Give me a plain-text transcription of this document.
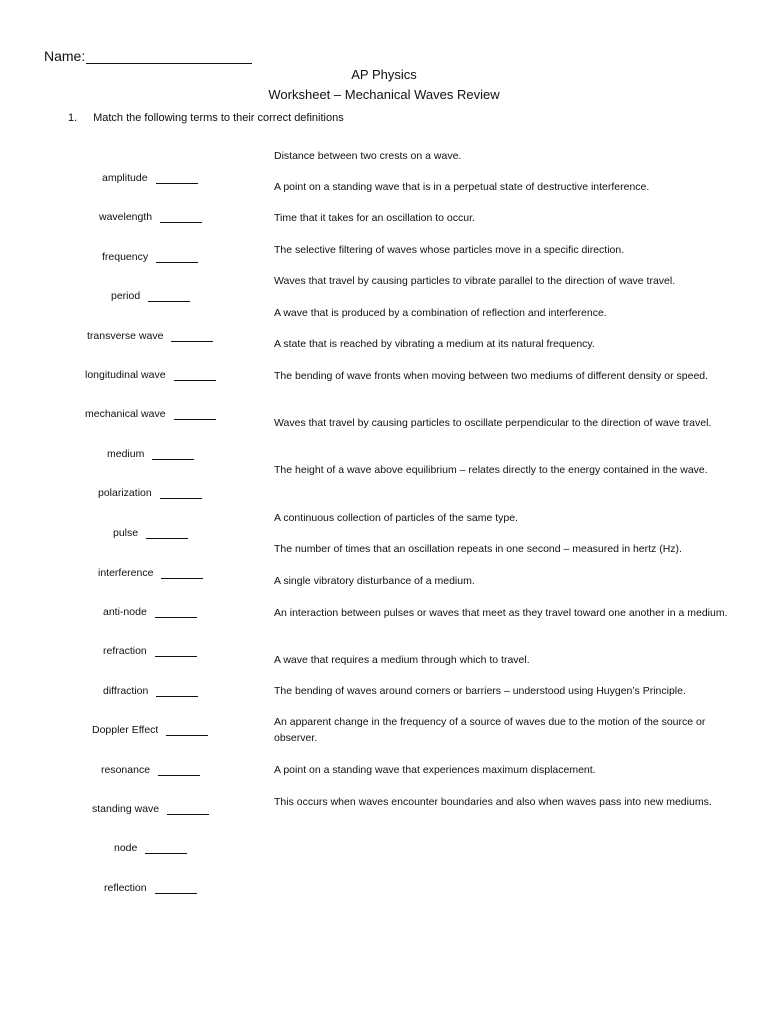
Name:
AP Physics
Worksheet – Mechanical Waves Review
1. Match the following terms to their correct definitions
amplitude
wavelength
frequency
period
transverse wave
longitudinal wave
mechanical wave
medium
polarization
pulse
interference
anti-node
refraction
diffraction
Doppler Effect
resonance
standing wave
node
reflection
Distance between two crests on a wave.
A point on a standing wave that is in a perpetual state of destructive interference.
Time that it takes for an oscillation to occur.
The selective filtering of waves whose particles move in a specific direction.
Waves that travel by causing particles to vibrate parallel to the direction of wave travel.
A wave that is produced by a combination of reflection and interference.
A state that is reached by vibrating a medium at its natural frequency.
The bending of wave fronts when moving between two mediums of different density or speed.
Waves that travel by causing particles to oscillate perpendicular to the direction of wave travel.
The height of a wave above equilibrium – relates directly to the energy contained in the wave.
A continuous collection of particles of the same type.
The number of times that an oscillation repeats in one second – measured in hertz (Hz).
A single vibratory disturbance of a medium.
An interaction between pulses or waves that meet as they travel toward one another in a medium.
A wave that requires a medium through which to travel.
The bending of waves around corners or barriers – understood using Huygen’s Principle.
An apparent change in the frequency of a source of waves due to the motion of the source or observer.
A point on a standing wave that experiences maximum displacement.
This occurs when waves encounter boundaries and also when waves pass into new mediums.
